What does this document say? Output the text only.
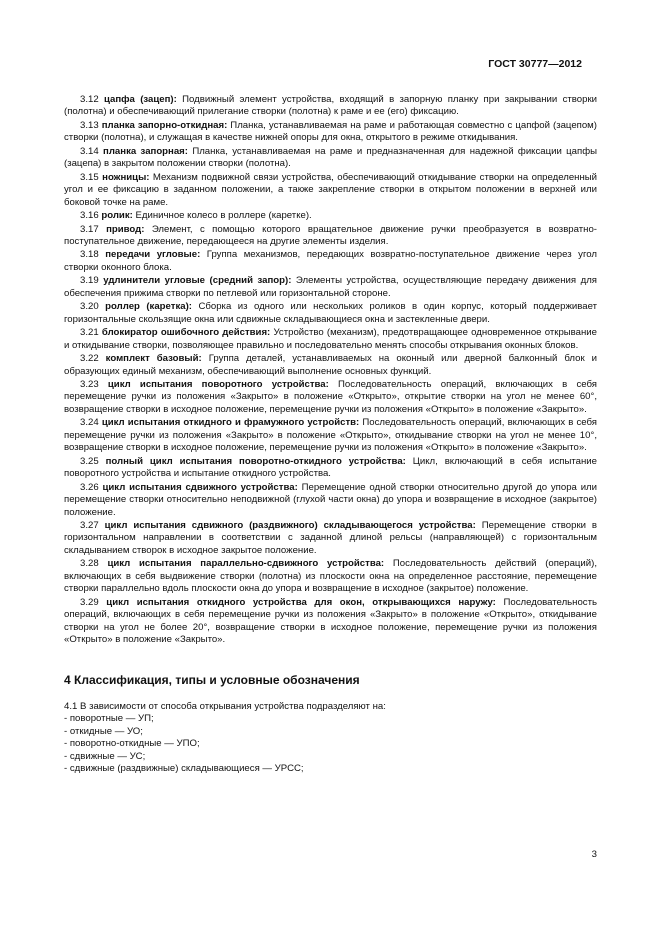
ГОСТ 30777—2012

3.12 цапфа (зацеп): Подвижный элемент устройства, входящий в запорную планку при закрывании створки (полотна) и обеспечивающий прилегание створки (полотна) к раме и ее (его) фиксацию.

3.13 планка запорно-откидная: Планка, устанавливаемая на раме и работающая совместно с цапфой (зацепом) створки (полотна), и служащая в качестве нижней опоры для окна, открытого в режиме откидывания.

3.14 планка запорная: Планка, устанавливаемая на раме и предназначенная для надежной фиксации цапфы (зацепа) в закрытом положении створки (полотна).

3.15 ножницы: Механизм подвижной связи устройства, обеспечивающий откидывание створки на определенный угол и ее фиксацию в заданном положении, а также закрепление створки в открытом положении в верхней или боковой точке на раме.

3.16 ролик: Единичное колесо в роллере (каретке).

3.17 привод: Элемент, с помощью которого вращательное движение ручки преобразуется в возвратно-поступательное движение, передающееся на другие элементы изделия.

3.18 передачи угловые: Группа механизмов, передающих возвратно-поступательное движение через угол створки оконного блока.

3.19 удлинители угловые (средний запор): Элементы устройства, осуществляющие передачу движения для обеспечения прижима створки по петлевой или горизонтальной стороне.

3.20 роллер (каретка): Сборка из одного или нескольких роликов в один корпус, который поддерживает горизонтальные скользящие окна или сдвижные складывающиеся окна и застекленные двери.

3.21 блокиратор ошибочного действия: Устройство (механизм), предотвращающее одновременное открывание и откидывание створки, позволяющее правильно и последовательно менять способы открывания оконных блоков.

3.22 комплект базовый: Группа деталей, устанавливаемых на оконный или дверной балконный блок и образующих единый механизм, обеспечивающий выполнение основных функций.

3.23 цикл испытания поворотного устройства: Последовательность операций, включающих в себя перемещение ручки из положения «Закрыто» в положение «Открыто», открытие створки на угол не менее 60°, возвращение створки в исходное положение, перемещение ручки из положения «Открыто» в положение «Закрыто».

3.24 цикл испытания откидного и фрамужного устройств: Последовательность операций, включающих в себя перемещение ручки из положения «Закрыто» в положение «Открыто», откидывание створки на угол не менее 10°, возвращение створки в исходное положение, перемещение ручки из положения «Открыто» в положение «Закрыто».

3.25 полный цикл испытания поворотно-откидного устройства: Цикл, включающий в себя испытание поворотного устройства и испытание откидного устройства.

3.26 цикл испытания сдвижного устройства: Перемещение одной створки относительно другой до упора или перемещение створки относительно неподвижной (глухой части окна) до упора и возвращение в исходное (закрытое) положение.

3.27 цикл испытания сдвижного (раздвижного) складывающегося устройства: Перемещение створки в горизонтальном направлении в соответствии с заданной длиной рельсы (направляющей) с горизонтальным складыванием створок в исходное закрытое положение.

3.28 цикл испытания параллельно-сдвижного устройства: Последовательность действий (операций), включающих в себя выдвижение створки (полотна) из плоскости окна на определенное расстояние, перемещение створки параллельно вдоль плоскости окна до упора и возвращение в исходное (закрытое) положение.

3.29 цикл испытания откидного устройства для окон, открывающихся наружу: Последовательность операций, включающих в себя перемещение ручки из положения «Закрыто» в положение «Открыто», откидывание створки на угол не более 20°, возвращение створки в исходное положение, перемещение ручки из положения «Открыто» в положение «Закрыто».

4 Классификация, типы и условные обозначения

4.1 В зависимости от способа открывания устройства подразделяют на:

- поворотные — УП;
- откидные — УО;
- поворотно-откидные — УПО;
- сдвижные — УС;
- сдвижные (раздвижные) складывающиеся — УРСС;
3
